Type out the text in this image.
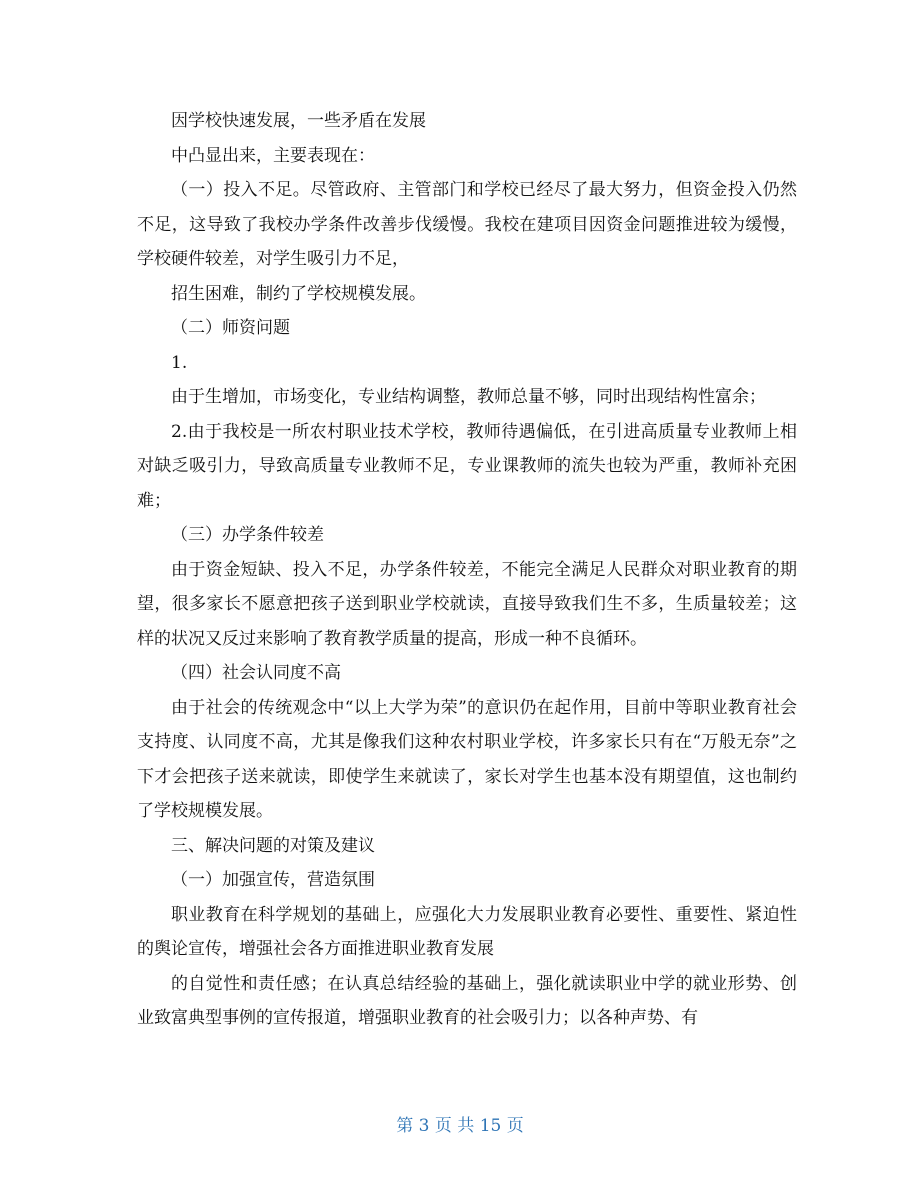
因学校快速发展，一些矛盾在发展

中凸显出来，主要表现在：

（一）投入不足。尽管政府、主管部门和学校已经尽了最大努力，但资金投入仍然不足，这导致了我校办学条件改善步伐缓慢。我校在建项目因资金问题推进较为缓慢，学校硬件较差，对学生吸引力不足，

招生困难，制约了学校规模发展。

（二）师资问题

1.

由于生增加，市场变化，专业结构调整，教师总量不够，同时出现结构性富余；

2.由于我校是一所农村职业技术学校，教师待遇偏低，在引进高质量专业教师上相对缺乏吸引力，导致高质量专业教师不足，专业课教师的流失也较为严重，教师补充困难；

（三）办学条件较差

由于资金短缺、投入不足，办学条件较差，不能完全满足人民群众对职业教育的期望，很多家长不愿意把孩子送到职业学校就读，直接导致我们生不多，生质量较差；这样的状况又反过来影响了教育教学质量的提高，形成一种不良循环。

（四）社会认同度不高

由于社会的传统观念中“以上大学为荣”的意识仍在起作用，目前中等职业教育社会支持度、认同度不高，尤其是像我们这种农村职业学校，许多家长只有在“万般无奈”之下才会把孩子送来就读，即使学生来就读了，家长对学生也基本没有期望值，这也制约了学校规模发展。

三、解决问题的对策及建议

（一）加强宣传，营造氛围

职业教育在科学规划的基础上，应强化大力发展职业教育必要性、重要性、紧迫性的舆论宣传，增强社会各方面推进职业教育发展

的自觉性和责任感；在认真总结经验的基础上，强化就读职业中学的就业形势、创业致富典型事例的宣传报道，增强职业教育的社会吸引力；以各种声势、有

第 3 页 共 15 页
